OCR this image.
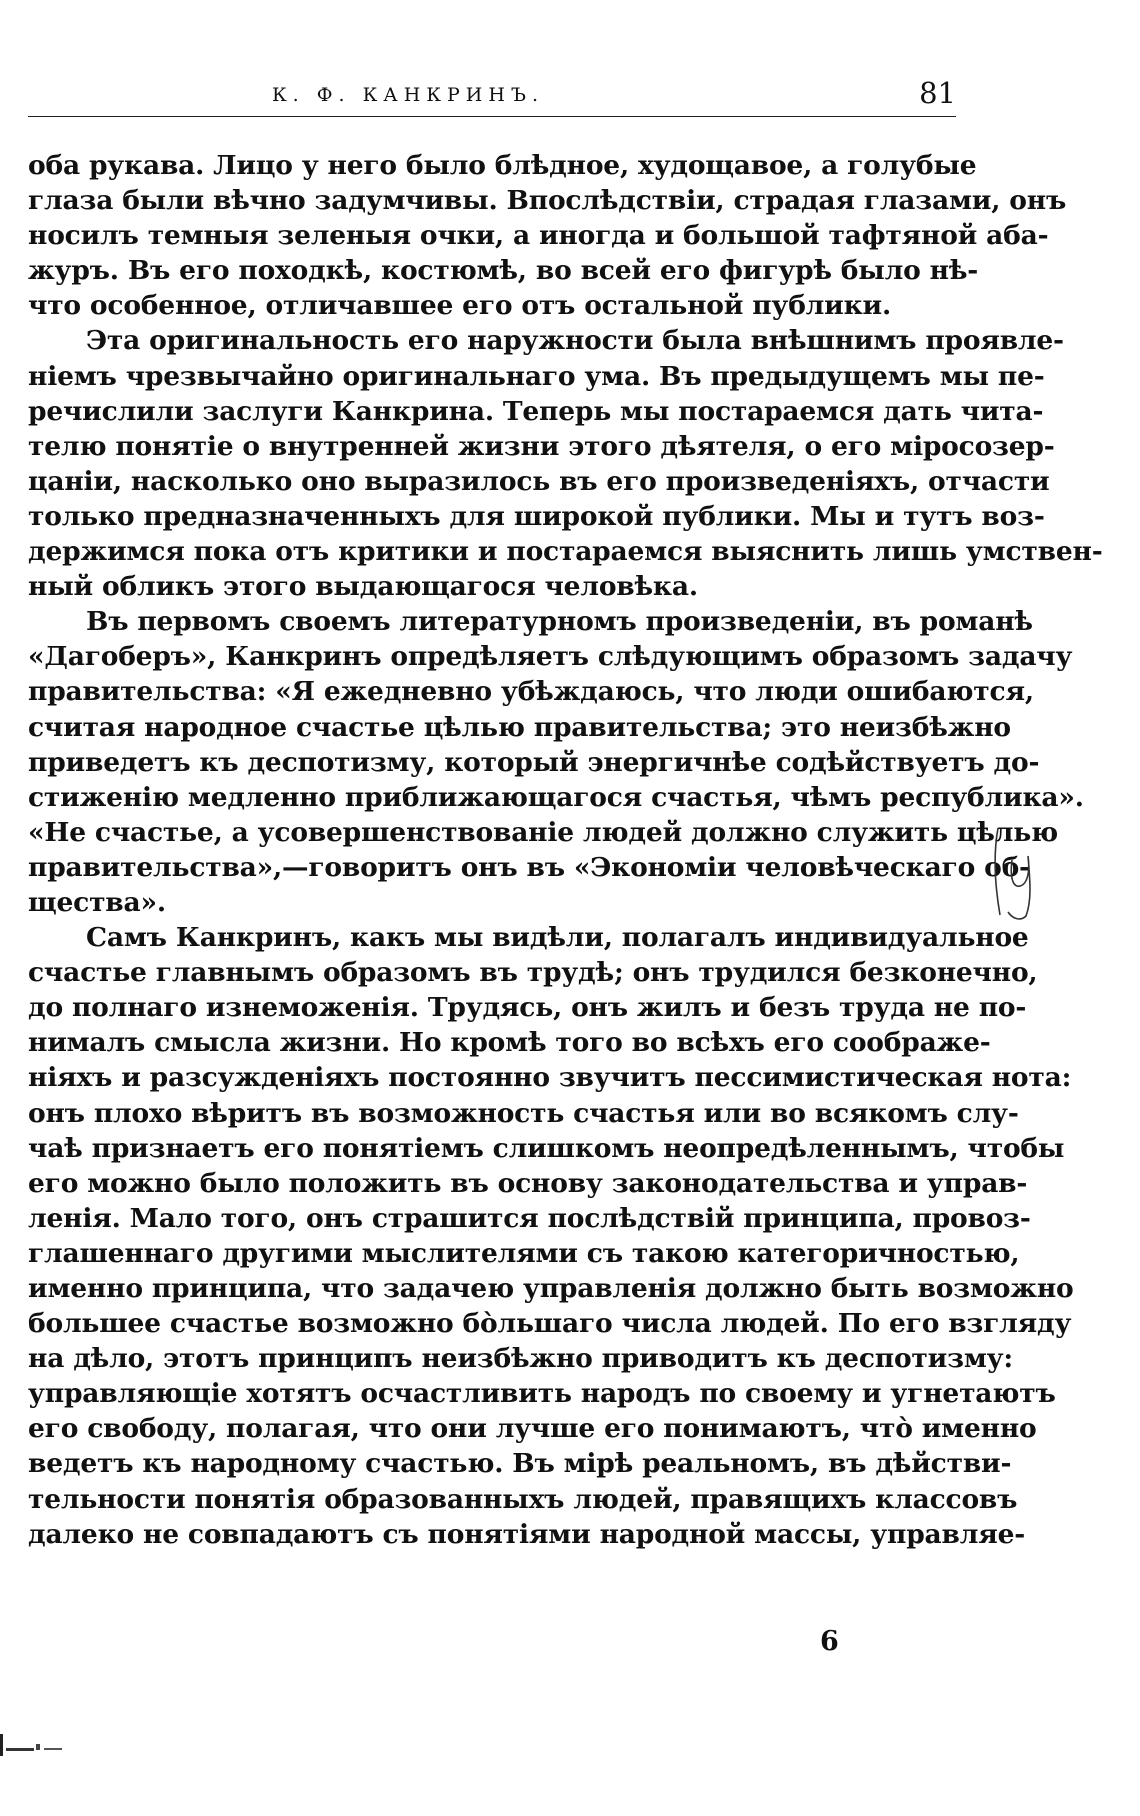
К. Ф. КАНКРИНЪ.	81
оба рукава. Лицо у него было блѣдное, худощавое, а голубые
глаза были вѣчно задумчивы. Впослѣдствіи, страдая глазами, онъ
носилъ темныя зеленыя очки, а иногда и большой тафтяной аба-
журъ. Въ его походкѣ, костюмѣ, во всей его фигурѣ было нѣ-
что особенное, отличавшее его отъ остальной публики.
Эта оригинальность его наружности была внѣшнимъ проявле-
ніемъ чрезвычайно оригинальнаго ума. Въ предыдущемъ мы пе-
речислили заслуги Канкрина. Теперь мы постараемся дать чита-
телю понятіе о внутренней жизни этого дѣятеля, о его міросозер-
цаніи, насколько оно выразилось въ его произведеніяхъ, отчасти
только предназначенныхъ для широкой публики. Мы и тутъ воз-
держимся пока отъ критики и постараемся выяснить лишь умствен-
ный обликъ этого выдающагося человѣка.
Въ первомъ своемъ литературномъ произведеніи, въ романѣ
«Дагоберъ», Канкринъ опредѣляетъ слѣдующимъ образомъ задачу
правительства: «Я ежедневно убѣждаюсь, что люди ошибаются,
считая народное счастье цѣлью правительства; это неизбѣжно
приведетъ къ деспотизму, который энергичнѣе содѣйствуетъ до-
стиженію медленно приближающагося счастья, чѣмъ республика».
«Не счастье, а усовершенствованіе людей должно служить цѣлью
правительства»,—говоритъ онъ въ «Экономіи человѣческаго об-
щества».
Самъ Канкринъ, какъ мы видѣли, полагалъ индивидуальное
счастье главнымъ образомъ въ трудѣ; онъ трудился безконечно,
до полнаго изнеможенія. Трудясь, онъ жилъ и безъ труда не по-
нималъ смысла жизни. Но кромѣ того во всѣхъ его соображе-
ніяхъ и разсужденіяхъ постоянно звучитъ пессимистическая нота:
онъ плохо вѣритъ въ возможность счастья или во всякомъ слу-
чаѣ признаетъ его понятіемъ слишкомъ неопредѣленнымъ, чтобы
его можно было положить въ основу законодательства и управ-
ленія. Мало того, онъ страшится послѣдствій принципа, провоз-
глашеннаго другими мыслителями съ такою категоричностью,
именно принципа, что задачею управленія должно быть возможно
большее счастье возможно бо̀льшаго числа людей. По его взгляду
на дѣло, этотъ принципъ неизбѣжно приводитъ къ деспотизму:
управляющіе хотятъ осчастливить народъ по своему и угнетаютъ
его свободу, полагая, что они лучше его понимаютъ, что̀ именно
ведетъ къ народному счастью. Въ мірѣ реальномъ, въ дѣйстви-
тельности понятія образованныхъ людей, правящихъ классовъ
далеко не совпадаютъ съ понятіями народной массы, управляе-
6
